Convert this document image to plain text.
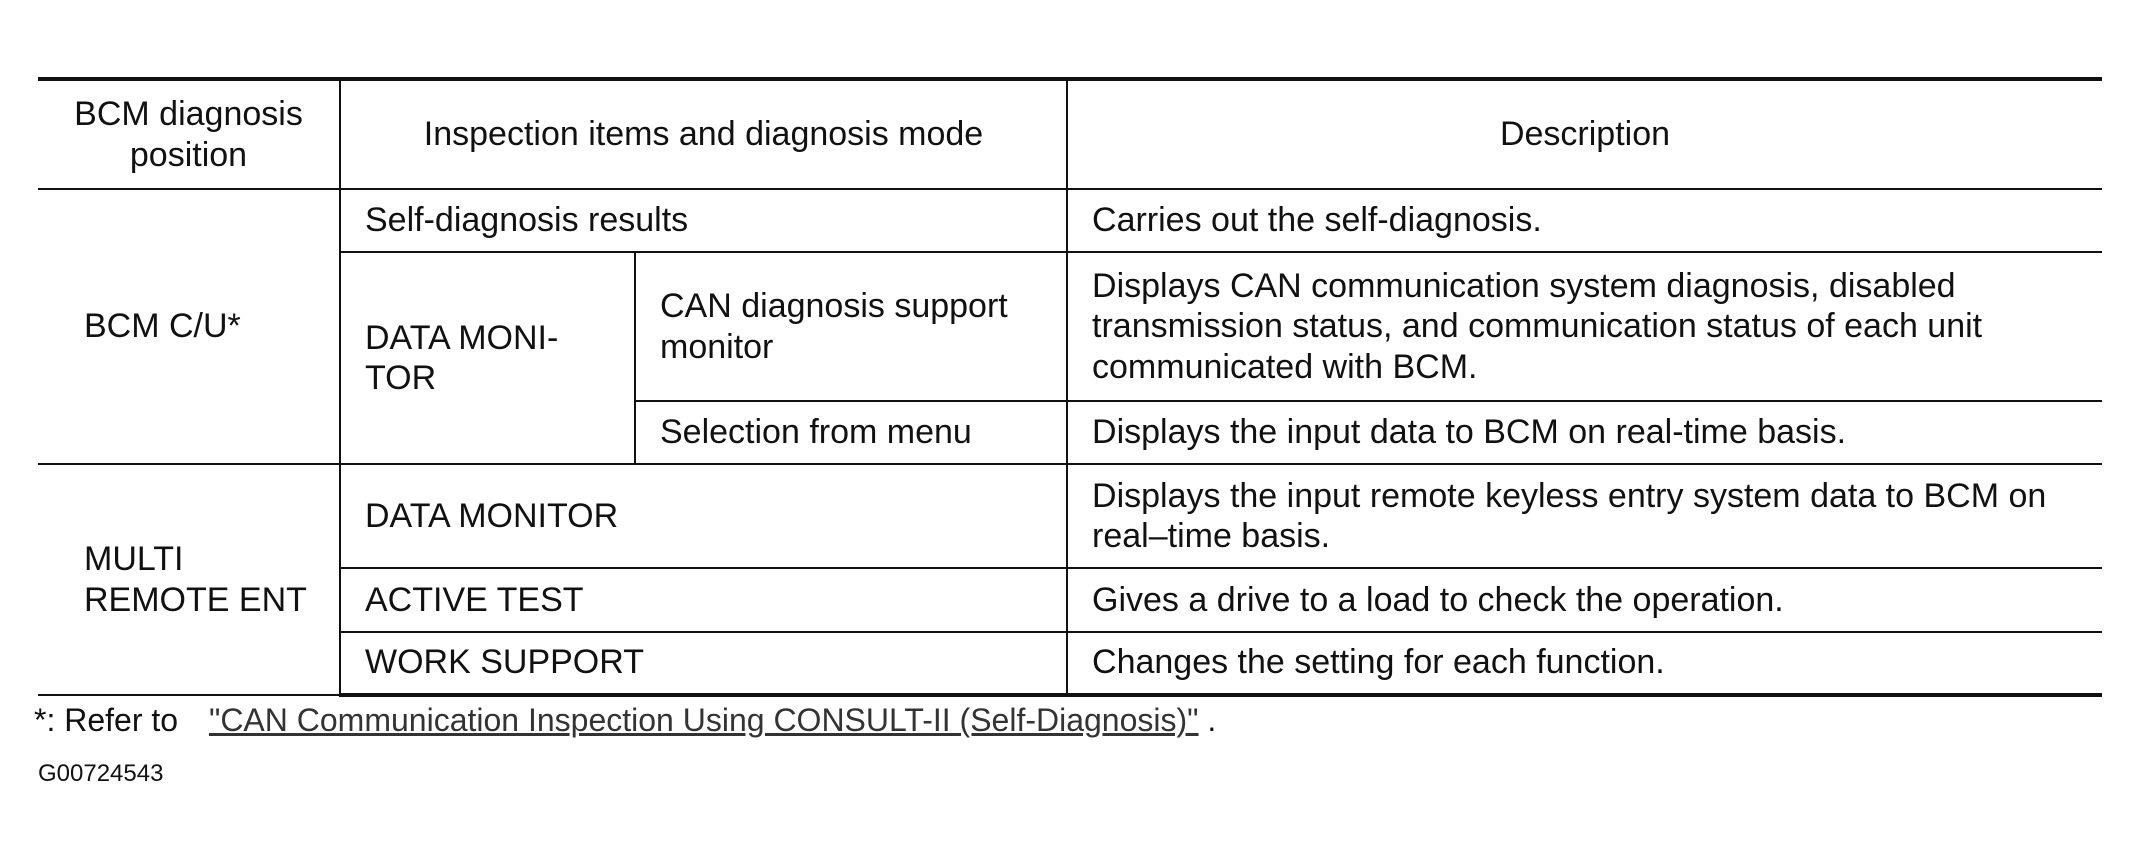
BCM diagnosis position	Inspection items and diagnosis mode		Description
BCM C/U*	Self-diagnosis results		Carries out the self-diagnosis.
	DATA MONI-TOR	CAN diagnosis support monitor	Displays CAN communication system diagnosis, disabled transmission status, and communication status of each unit communicated with BCM.
		Selection from menu	Displays the input data to BCM on real-time basis.
MULTI REMOTE ENT	DATA MONITOR		Displays the input remote keyless entry system data to BCM on real–time basis.
	ACTIVE TEST		Gives a drive to a load to check the operation.
	WORK SUPPORT		Changes the setting for each function.
*: Refer to "CAN Communication Inspection Using CONSULT-II (Self-Diagnosis)" .
G00724543
